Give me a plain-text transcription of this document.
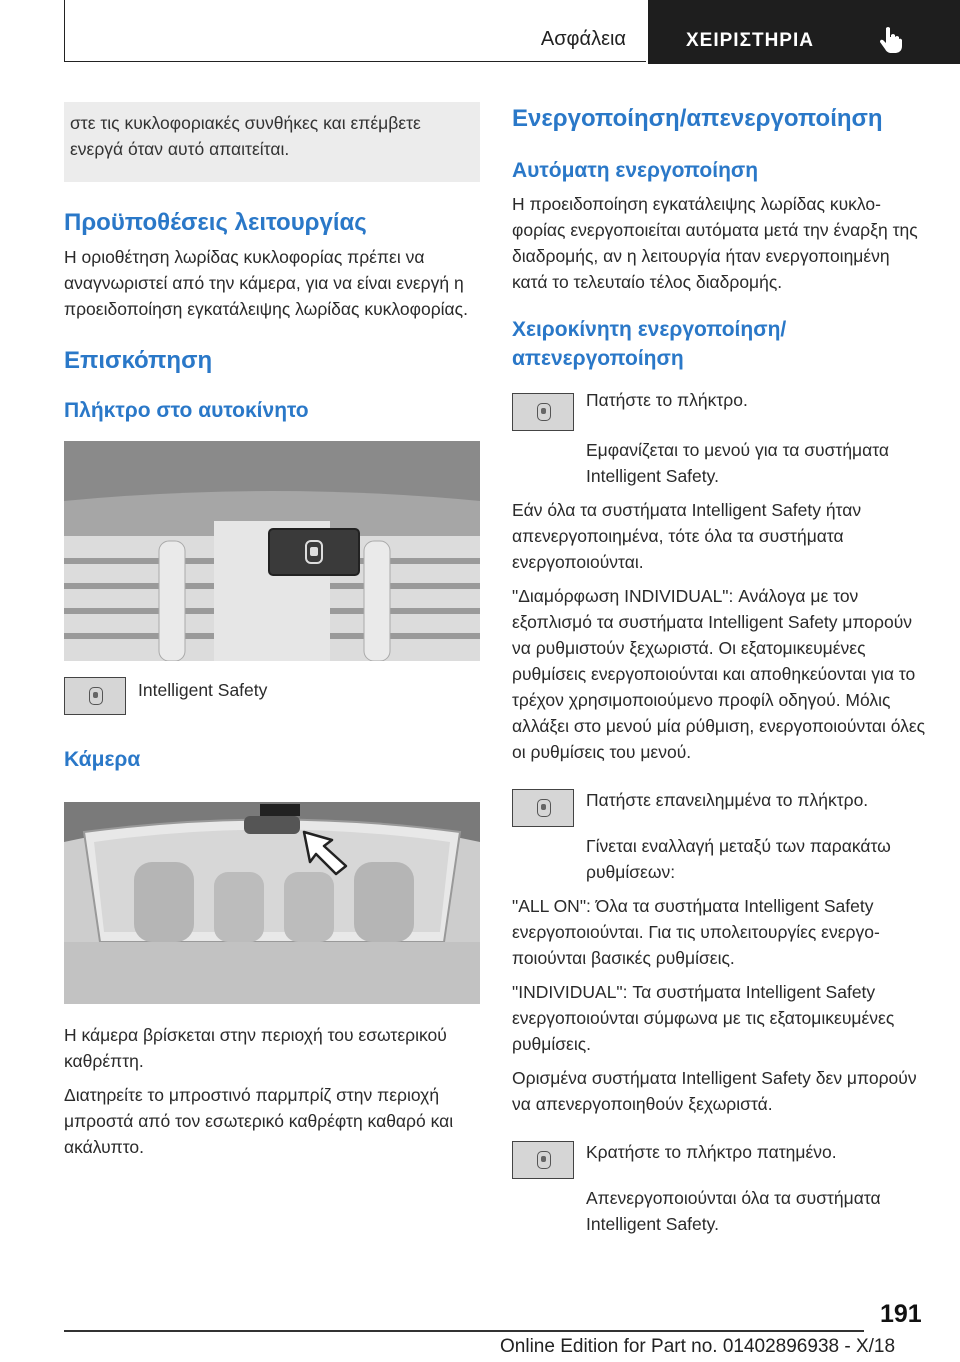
Ασφάλεια	ΧΕΙΡΙΣΤΗΡΙΑ
στε τις κυκλοφοριακές συνθήκες και επέμβετε ενεργά όταν αυτό απαιτείται.
Προϋποθέσεις λειτουργίας

Η οριοθέτηση λωρίδας κυκλοφορίας πρέπει να αναγνωριστεί από την κάμερα, για να είναι ενεργή η προειδοποίηση εγκατάλειψης λωρίδας κυκλοφορίας.

Επισκόπηση
Πλήκτρο στο αυτοκίνητο

Intelligent Safety

Κάμερα

Η κάμερα βρίσκεται στην περιοχή του εσωτερικού καθρέπτη.

Διατηρείτε το μπροστινό παρμπρίζ στην περιοχή μπροστά από τον εσωτερικό καθρέφτη καθαρό και ακάλυπτο.

Ενεργοποίηση/απενεργοποίηση
Αυτόματη ενεργοποίηση

Η προειδοποίηση εγκατάλειψης λωρίδας κυκλοφορίας ενεργοποιείται αυτόματα μετά την έναρξη της διαδρομής, αν η λειτουργία ήταν ενεργοποιημένη κατά το τελευταίο τέλος διαδρομής.

Χειροκίνητη ενεργοποίηση/ απενεργοποίηση

Πατήστε το πλήκτρο.

Εμφανίζεται το μενού για τα συστήματα Intelligent Safety.

Εάν όλα τα συστήματα Intelligent Safety ήταν απενεργοποιημένα, τότε όλα τα συστήματα ενεργοποιούνται.

"Διαμόρφωση INDIVIDUAL": Ανάλογα με τον εξοπλισμό τα συστήματα Intelligent Safety μπορούν να ρυθμιστούν ξεχωριστά. Οι εξατομικευμένες ρυθμίσεις ενεργοποιούνται και αποθηκεύονται για το τρέχον χρησιμοποιούμενο προφίλ οδηγού. Μόλις αλλάξει στο μενού μία ρύθμιση, ενεργοποιούνται όλες οι ρυθμίσεις του μενού.

Πατήστε επανειλημμένα το πλήκτρο.

Γίνεται εναλλαγή μεταξύ των παρακάτω ρυθμίσεων:

"ALL ON": Όλα τα συστήματα Intelligent Safety ενεργοποιούνται. Για τις υπολειτουργίες ενεργοποιούνται βασικές ρυθμίσεις.

"INDIVIDUAL": Τα συστήματα Intelligent Safety ενεργοποιούνται σύμφωνα με τις εξατομικευμένες ρυθμίσεις.

Ορισμένα συστήματα Intelligent Safety δεν μπορούν να απενεργοποιηθούν ξεχωριστά.

Κρατήστε το πλήκτρο πατημένο.

Απενεργοποιούνται όλα τα συστήματα Intelligent Safety.

191
Online Edition for Part no. 01402896938 - X/18
